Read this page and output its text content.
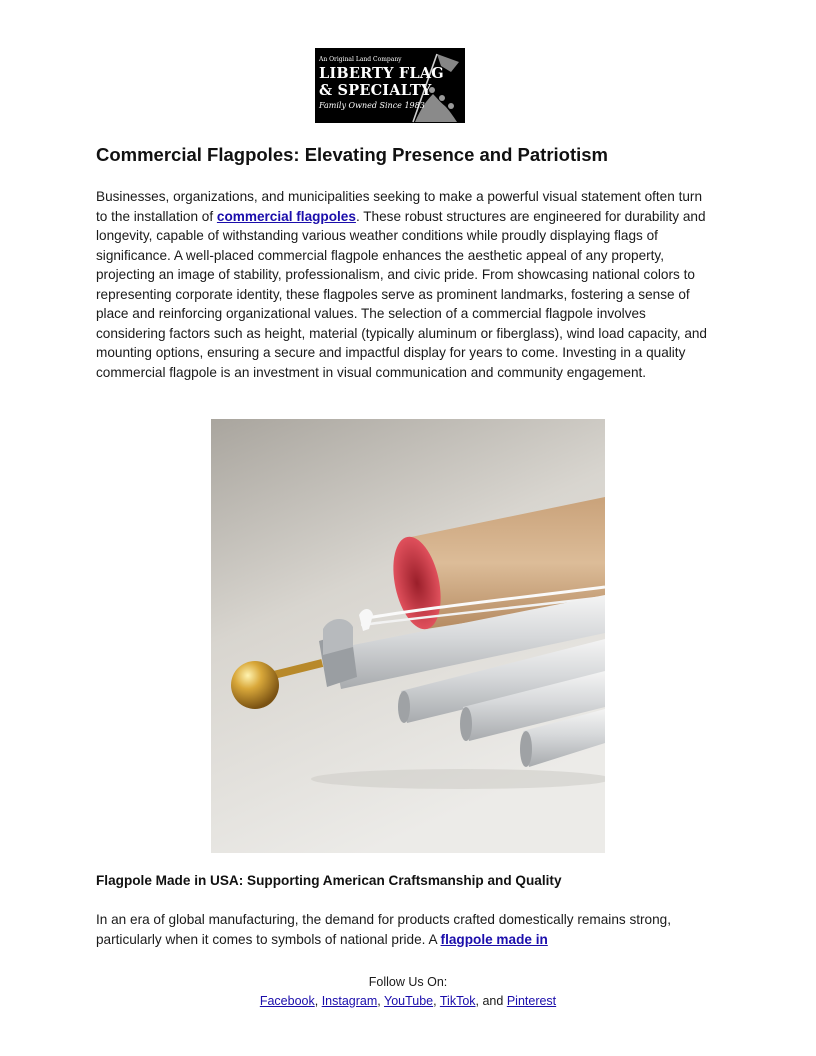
An Original Land Company
LIBERTY FLAG
& SPECIALTY
Family Owned Since 1983
Commercial Flagpoles: Elevating Presence and Patriotism

Businesses, organizations, and municipalities seeking to make a powerful visual statement often turn to the installation of commercial flagpoles. These robust structures are engineered for durability and longevity, capable of withstanding various weather conditions while proudly displaying flags of significance. A well-placed commercial flagpole enhances the aesthetic appeal of any property, projecting an image of stability, professionalism, and civic pride. From showcasing national colors to representing corporate identity, these flagpoles serve as prominent landmarks, fostering a sense of place and reinforcing organizational values. The selection of a commercial flagpole involves considering factors such as height, material (typically aluminum or fiberglass), wind load capacity, and mounting options, ensuring a secure and impactful display for years to come. Investing in a quality commercial flagpole is an investment in visual communication and community engagement.

Flagpole Made in USA: Supporting American Craftsmanship and Quality

In an era of global manufacturing, the demand for products crafted domestically remains strong, particularly when it comes to symbols of national pride. A flagpole made in

Follow Us On:
Facebook, Instagram, YouTube, TikTok, and Pinterest
